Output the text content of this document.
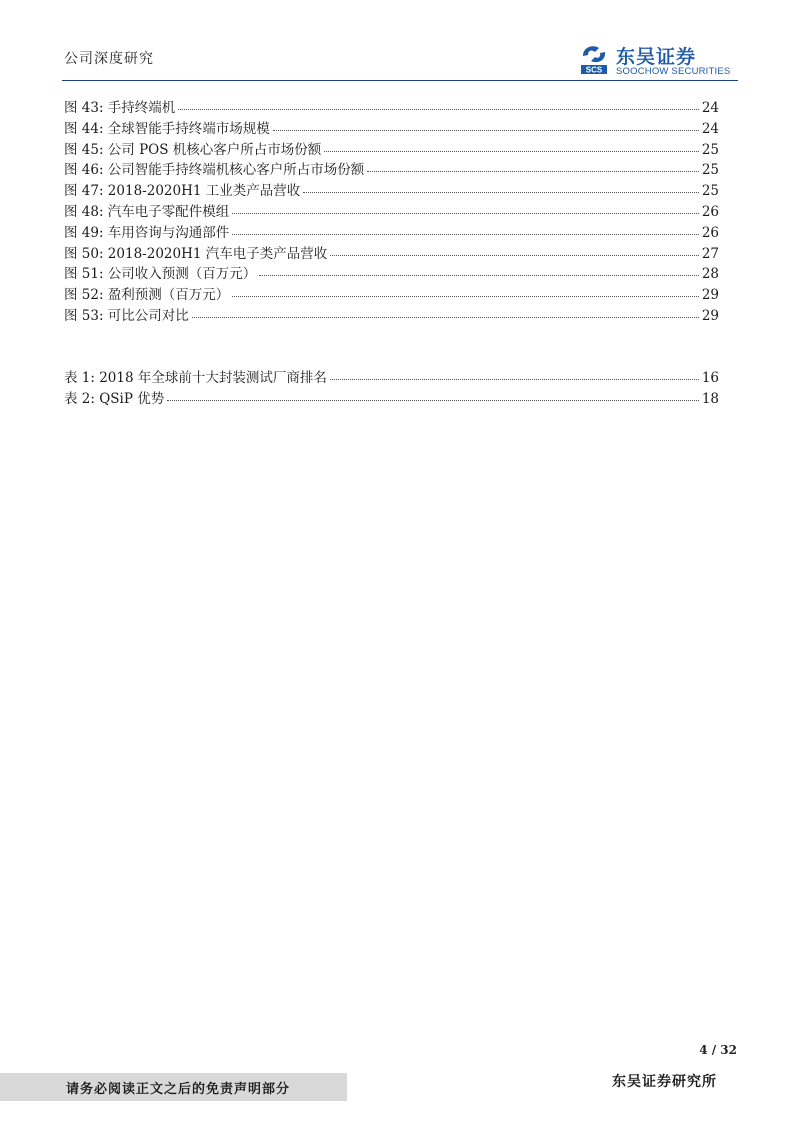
公司深度研究
SCS
东吴证券
SOOCHOW SECURITIES
图 43: 手持终端机	24
图 44: 全球智能手持终端市场规模	24
图 45: 公司 POS 机核心客户所占市场份额	25
图 46: 公司智能手持终端机核心客户所占市场份额	25
图 47: 2018-2020H1 工业类产品营收	25
图 48: 汽车电子零配件模组	26
图 49: 车用咨询与沟通部件	26
图 50: 2018-2020H1 汽车电子类产品营收	27
图 51: 公司收入预测（百万元）	28
图 52: 盈利预测（百万元）	29
图 53: 可比公司对比	29
表 1: 2018 年全球前十大封装测试厂商排名	16
表 2: QSiP 优势	18
4 / 32
请务必阅读正文之后的免责声明部分	东吴证券研究所
